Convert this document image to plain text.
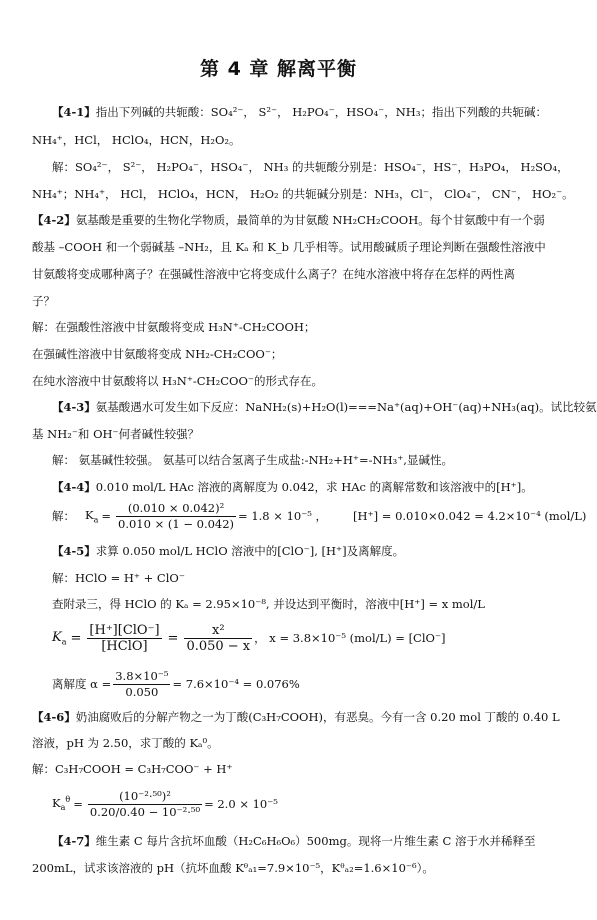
第 4 章 解离平衡
【4-1】指出下列碱的共轭酸：SO₄²⁻， S²⁻， H₂PO₄⁻，HSO₄⁻，NH₃；指出下列酸的共轭碱：
NH₄⁺，HCl， HClO₄，HCN，H₂O₂。
解：SO₄²⁻， S²⁻， H₂PO₄⁻，HSO₄⁻， NH₃ 的共轭酸分别是：HSO₄⁻，HS⁻，H₃PO₄， H₂SO₄，
NH₄⁺；NH₄⁺， HCl， HClO₄，HCN， H₂O₂ 的共轭碱分别是：NH₃，Cl⁻， ClO₄⁻， CN⁻， HO₂⁻。
【4-2】氨基酸是重要的生物化学物质，最简单的为甘氨酸 NH₂CH₂COOH。每个甘氨酸中有一个弱
酸基 –COOH 和一个弱碱基 –NH₂，且 Kₐ 和 K_b 几乎相等。试用酸碱质子理论判断在强酸性溶液中
甘氨酸将变成哪种离子？在强碱性溶液中它将变成什么离子？在纯水溶液中将存在怎样的两性离
子？
解：在强酸性溶液中甘氨酸将变成 H₃N⁺-CH₂COOH；
在强碱性溶液中甘氨酸将变成 NH₂-CH₂COO⁻；
在纯水溶液中甘氨酸将以 H₃N⁺-CH₂COO⁻的形式存在。
【4-3】氨基酸遇水可发生如下反应：NaNH₂(s)+H₂O(l)===Na⁺(aq)+OH⁻(aq)+NH₃(aq)。试比较氨
基 NH₂⁻和 OH⁻何者碱性较强？
解： 氨基碱性较强。 氨基可以结合氢离子生成盐:-NH₂+H⁺=-NH₃⁺,显碱性。
【4-4】0.010 mol/L HAc 溶液的离解度为 0.042，求 HAc 的离解常数和该溶液中的[H⁺]。
解： $K_a = \frac{\text{(0.010 × 0.042)²}}{0.010 \times (1 - 0.042)} = 1.8 \times 10^{-5}$ ， [H⁺] = 0.010×0.042 = 4.2×10⁻⁴ (mol/L)
【4-5】求算 0.050 mol/L HClO 溶液中的[ClO⁻], [H⁺]及离解度。
解：HClO = H⁺ + ClO⁻
查附录三，得 HClO 的 Kₐ = 2.95×10⁻⁸, 并设达到平衡时，溶液中[H⁺] = x mol/L
$K_a = \frac{\text{[H⁺][ClO⁻]}}{\text{[HClO]}} = \frac{\text{x²}}{0.050 - x}$ ， x = 3.8×10⁻⁵ (mol/L) = [ClO⁻]
离解度 $\alpha = \frac{\text{3.8×10⁻⁵}}{0.050} = 7.6\times 10^{-4} = 0.076\%$
【4-6】奶油腐败后的分解产物之一为丁酸(C₃H₇COOH)，有恶臭。今有一含 0.20 mol 丁酸的 0.40 L
溶液，pH 为 2.50，求丁酸的 Kₐ⁰。
解：C₃H₇COOH = C₃H₇COO⁻ + H⁺
$K_a^\theta = \frac{\text{(10⁻²·⁵⁰)²}}{\text{0.20/0.40 − 10⁻²·⁵⁰}} = 2.0 \times 10^{-5}$
【4-7】维生素 C 每片含抗坏血酸（H₂C₆H₆O₆）500mg。现将一片维生素 C 溶于水并稀释至
200mL，试求该溶液的 pH（抗坏血酸 Kᶿₐ₁=7.9×10⁻⁵，Kᶿₐ₂=1.6×10⁻⁶）。
